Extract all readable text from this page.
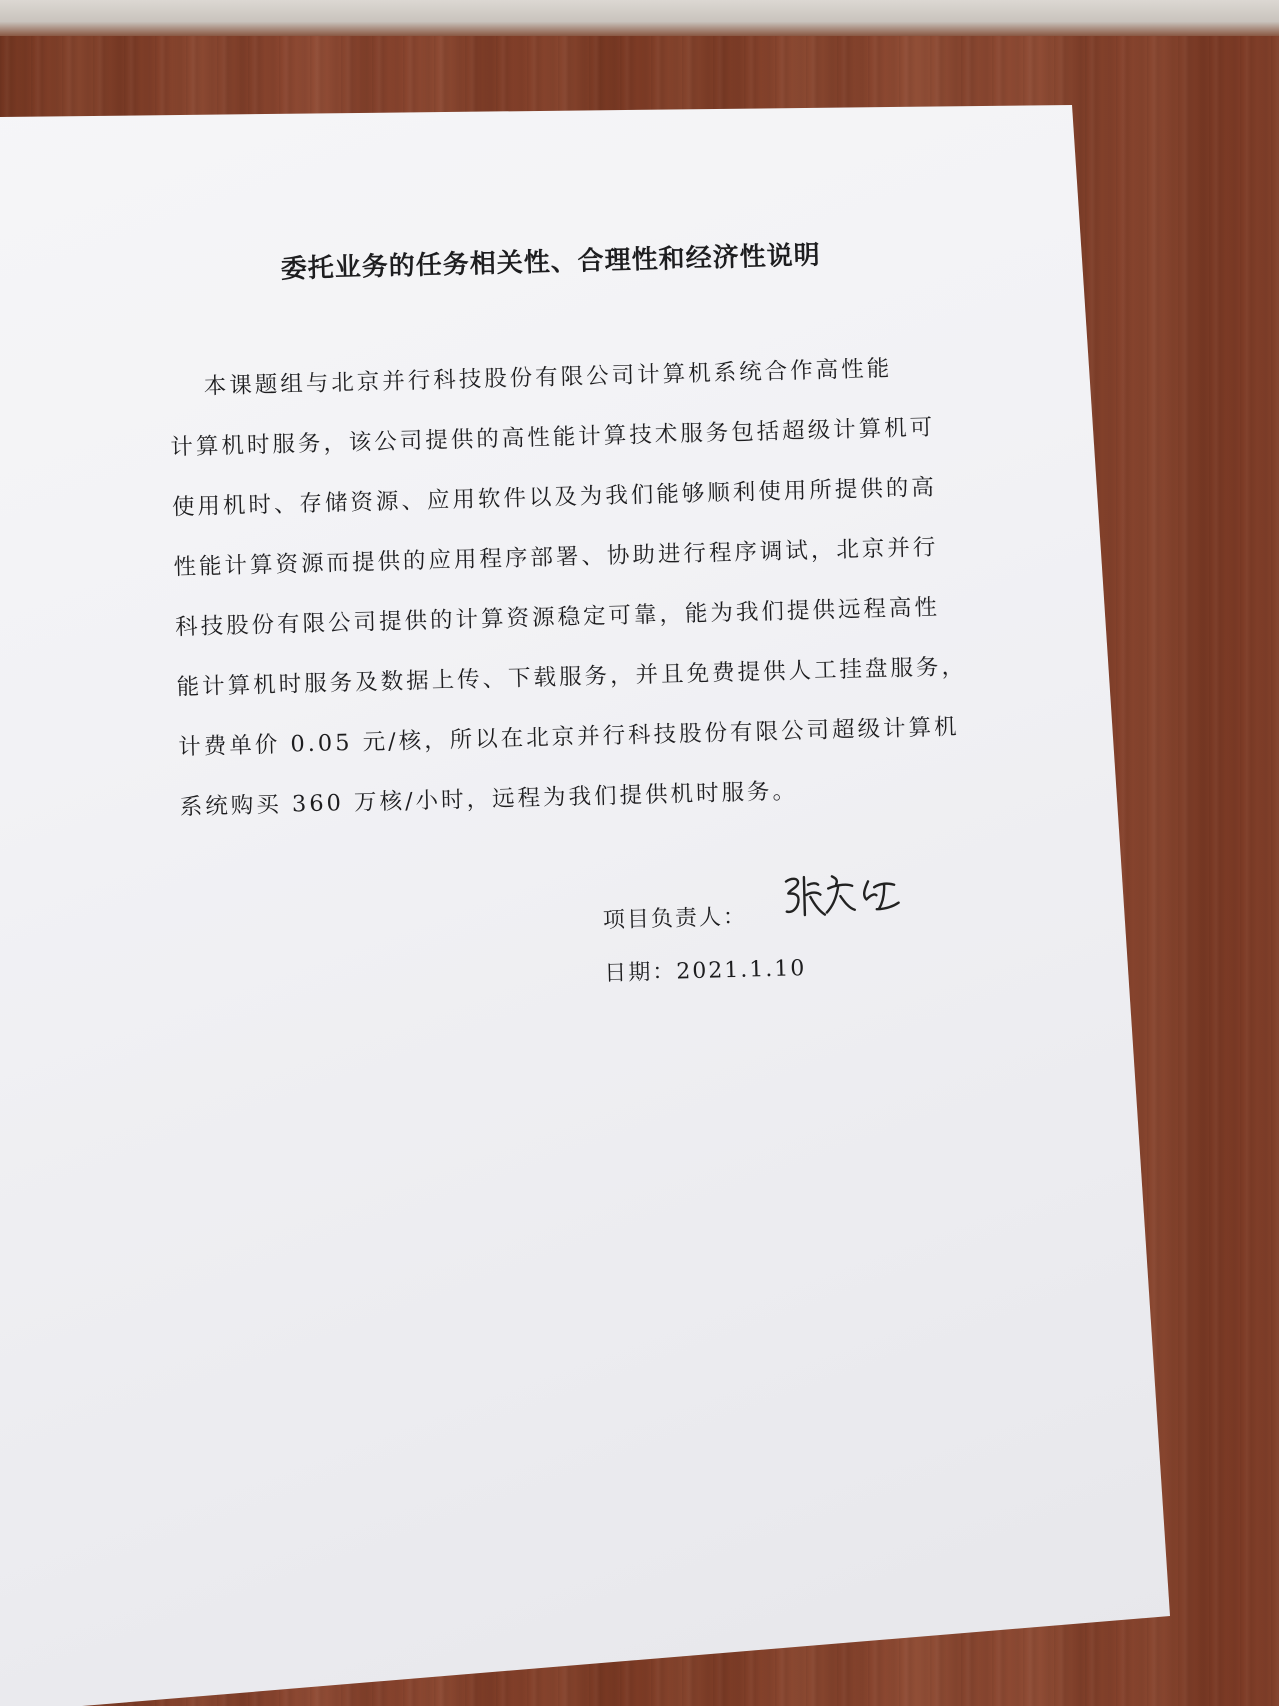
委托业务的任务相关性、合理性和经济性说明
本课题组与北京并行科技股份有限公司计算机系统合作高性能
计算机时服务，该公司提供的高性能计算技术服务包括超级计算机可
使用机时、存储资源、应用软件以及为我们能够顺利使用所提供的高
性能计算资源而提供的应用程序部署、协助进行程序调试，北京并行
科技股份有限公司提供的计算资源稳定可靠，能为我们提供远程高性
能计算机时服务及数据上传、下载服务，并且免费提供人工挂盘服务，
计费单价 0.05 元/核，所以在北京并行科技股份有限公司超级计算机
系统购买 360 万核/小时，远程为我们提供机时服务。
项目负责人：
日期：2021.1.10
